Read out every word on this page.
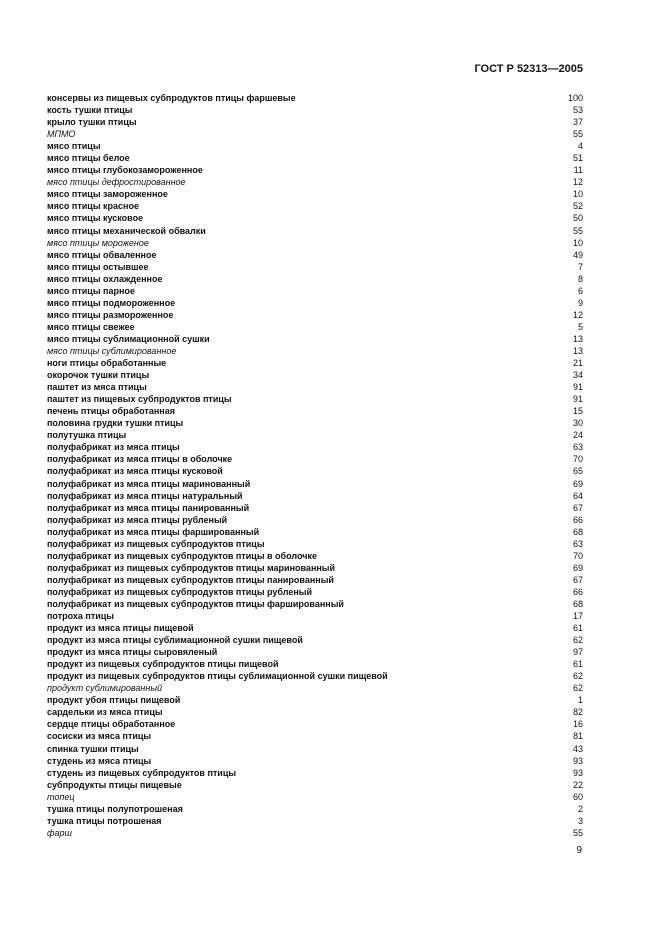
ГОСТ Р 52313—2005
консервы из пищевых субпродуктов птицы фаршевые	100
кость тушки птицы	53
крыло тушки птицы	37
МПМО	55
мясо птицы	4
мясо птицы белое	51
мясо птицы глубокозамороженное	11
мясо птицы дефростированное	12
мясо птицы замороженное	10
мясо птицы красное	52
мясо птицы кусковое	50
мясо птицы механической обвалки	55
мясо птицы мороженое	10
мясо птицы обваленное	49
мясо птицы остывшее	7
мясо птицы охлажденное	8
мясо птицы парное	6
мясо птицы подмороженное	9
мясо птицы размороженное	12
мясо птицы свежее	5
мясо птицы сублимационной сушки	13
мясо птицы сублимированное	13
ноги птицы обработанные	21
окорочок тушки птицы	34
паштет из мяса птицы	91
паштет из пищевых субпродуктов птицы	91
печень птицы обработанная	15
половина грудки тушки птицы	30
полутушка птицы	24
полуфабрикат из мяса птицы	63
полуфабрикат из мяса птицы в оболочке	70
полуфабрикат из мяса птицы кусковой	65
полуфабрикат из мяса птицы маринованный	69
полуфабрикат из мяса птицы натуральный	64
полуфабрикат из мяса птицы панированный	67
полуфабрикат из мяса птицы рубленый	66
полуфабрикат из мяса птицы фаршированный	68
полуфабрикат из пищевых субпродуктов птицы	63
полуфабрикат из пищевых субпродуктов птицы в оболочке	70
полуфабрикат из пищевых субпродуктов птицы маринованный	69
полуфабрикат из пищевых субпродуктов птицы панированный	67
полуфабрикат из пищевых субпродуктов птицы рубленый	66
полуфабрикат из пищевых субпродуктов птицы фаршированный	68
потроха птицы	17
продукт из мяса птицы пищевой	61
продукт из мяса птицы сублимационной сушки пищевой	62
продукт из мяса птицы сыровяленый	97
продукт из пищевых субпродуктов птицы пищевой	61
продукт из пищевых субпродуктов птицы сублимационной сушки пищевой	62
продукт сублимированный	62
продукт убоя птицы пищевой	1
сардельки из мяса птицы	82
сердце птицы обработанное	16
сосиски из мяса птицы	81
спинка тушки птицы	43
студень из мяса птицы	93
студень из пищевых субпродуктов птицы	93
субпродукты птицы пищевые	22
топец	60
тушка птицы полупотрошеная	2
тушка птицы потрошеная	3
фарш	55
9
